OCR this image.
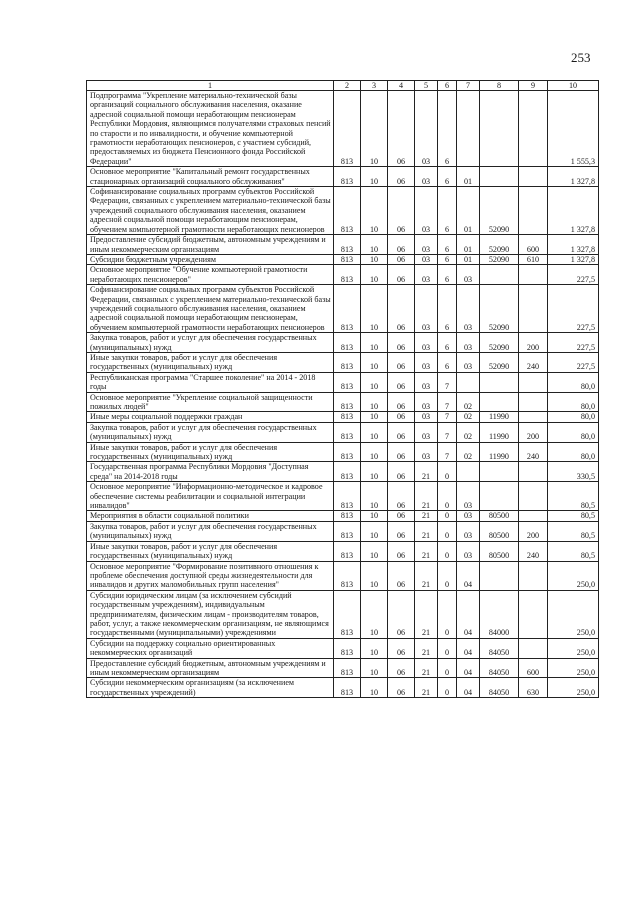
253
1	2	3	4	5	6	7	8	9	10
Подпрограмма "Укрепление материально-технической базы организаций социального обслуживания населения, оказание адресной социальной помощи неработающим пенсионерам Республики Мордовия, являющимся получателями страховых пенсий по старости и по инвалидности, и обучение компьютерной грамотности неработающих пенсионеров, с участием субсидий, предоставляемых из бюджета Пенсионного фонда Российской Федерации"	813	10	06	03	6				1 555,3
Основное мероприятие "Капитальный ремонт государственных стационарных организаций социального обслуживания"	813	10	06	03	6	01			1 327,8
Софинансирование социальных программ субъектов Российской Федерации, связанных с укреплением материально-технической базы учреждений социального обслуживания населения, оказанием адресной социальной помощи неработающим пенсионерам, обучением компьютерной грамотности неработающих пенсионеров	813	10	06	03	6	01	52090		1 327,8
Предоставление субсидий бюджетным, автономным учреждениям и иным некоммерческим организациям	813	10	06	03	6	01	52090	600	1 327,8
Субсидии бюджетным учреждениям	813	10	06	03	6	01	52090	610	1 327,8
Основное мероприятие "Обучение компьютерной грамотности неработающих пенсионеров"	813	10	06	03	6	03			227,5
Софинансирование социальных программ субъектов Российской Федерации, связанных с укреплением материально-технической базы учреждений социального обслуживания населения, оказанием адресной социальной помощи неработающим пенсионерам, обучением компьютерной грамотности неработающих пенсионеров	813	10	06	03	6	03	52090		227,5
Закупка товаров, работ и услуг для обеспечения государственных (муниципальных) нужд	813	10	06	03	6	03	52090	200	227,5
Иные закупки товаров, работ и услуг для обеспечения государственных (муниципальных) нужд	813	10	06	03	6	03	52090	240	227,5
Республиканская программа "Старшее поколение" на 2014 - 2018 годы	813	10	06	03	7				80,0
Основное мероприятие "Укрепление социальной защищенности пожилых людей"	813	10	06	03	7	02			80,0
Иные меры социальной поддержки граждан	813	10	06	03	7	02	11990		80,0
Закупка товаров, работ и услуг для обеспечения государственных (муниципальных) нужд	813	10	06	03	7	02	11990	200	80,0
Иные закупки товаров, работ и услуг для обеспечения государственных (муниципальных) нужд	813	10	06	03	7	02	11990	240	80,0
Государственная программа Республики Мордовия "Доступная среда" на 2014-2018 годы	813	10	06	21	0				330,5
Основное мероприятие "Информационно-методическое и кадровое обеспечение системы реабилитации и социальной интеграции инвалидов"	813	10	06	21	0	03			80,5
Мероприятия в области социальной политики	813	10	06	21	0	03	80500		80,5
Закупка товаров, работ и услуг для обеспечения государственных (муниципальных) нужд	813	10	06	21	0	03	80500	200	80,5
Иные закупки товаров, работ и услуг для обеспечения государственных (муниципальных) нужд	813	10	06	21	0	03	80500	240	80,5
Основное мероприятие "Формирование позитивного отношения к проблеме обеспечения доступной среды жизнедеятельности для инвалидов и других маломобильных групп населения"	813	10	06	21	0	04			250,0
Субсидии юридическим лицам (за исключением субсидий государственным учреждениям), индивидуальным предпринимателям, физическим лицам - производителям товаров, работ, услуг, а также некоммерческим организациям, не являющимся государственными (муниципальными) учреждениями	813	10	06	21	0	04	84000		250,0
Субсидии на поддержку социально ориентированных некоммерческих организаций	813	10	06	21	0	04	84050		250,0
Предоставление субсидий бюджетным, автономным учреждениям и иным некоммерческим организациям	813	10	06	21	0	04	84050	600	250,0
Субсидии некоммерческим организациям (за исключением государственных учреждений)	813	10	06	21	0	04	84050	630	250,0
